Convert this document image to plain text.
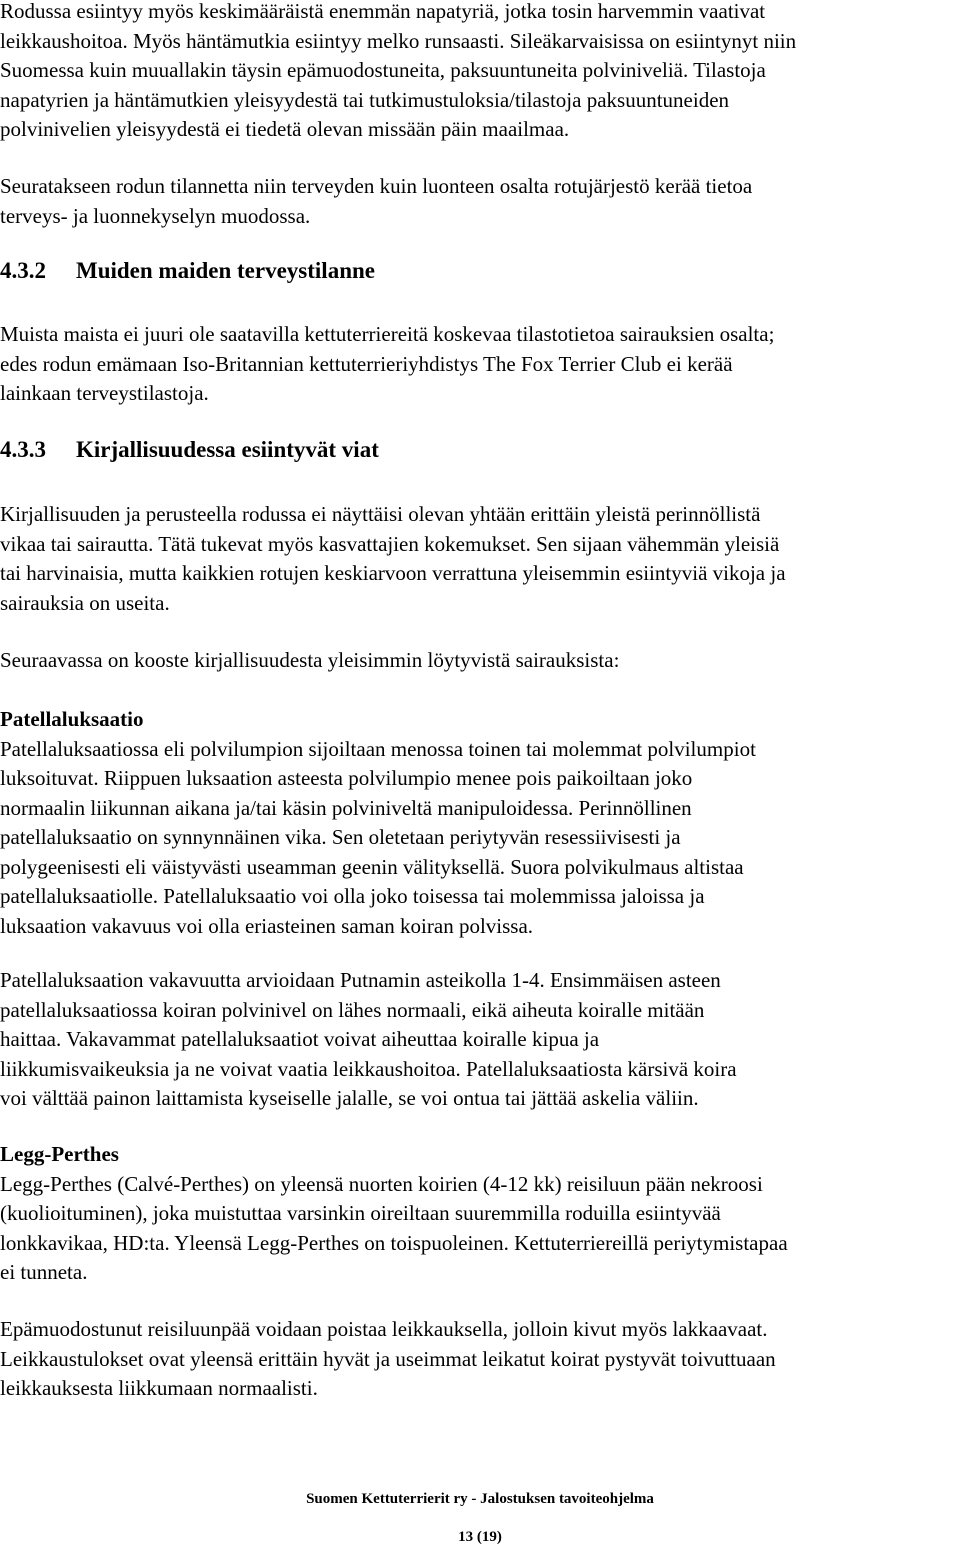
Rodussa esiintyy myös keskimääräistä enemmän napatyriä, jotka tosin harvemmin vaativat
leikkaushoitoa. Myös häntämutkia esiintyy melko runsaasti. Sileäkarvaisissa on esiintynyt niin
Suomessa kuin muuallakin täysin epämuodostuneita, paksuuntuneita polviniveliä. Tilastoja
napatyrien ja häntämutkien yleisyydestä tai tutkimustuloksia/tilastoja paksuuntuneiden
polvinivelien yleisyydestä ei tiedetä olevan missään päin maailmaa.

Seuratakseen rodun tilannetta niin terveyden kuin luonteen osalta rotujärjestö kerää tietoa
terveys- ja luonnekyselyn muodossa.

4.3.2 Muiden maiden terveystilanne

Muista maista ei juuri ole saatavilla kettuterriereitä koskevaa tilastotietoa sairauksien osalta;
edes rodun emämaan Iso-Britannian kettuterrieriyhdistys The Fox Terrier Club ei kerää
lainkaan terveystilastoja.

4.3.3 Kirjallisuudessa esiintyvät viat

Kirjallisuuden ja perusteella rodussa ei näyttäisi olevan yhtään erittäin yleistä perinnöllistä
vikaa tai sairautta. Tätä tukevat myös kasvattajien kokemukset. Sen sijaan vähemmän yleisiä
tai harvinaisia, mutta kaikkien rotujen keskiarvoon verrattuna yleisemmin esiintyviä vikoja ja
sairauksia on useita.

Seuraavassa on kooste kirjallisuudesta yleisimmin löytyvistä sairauksista:

Patellaluksaatio
Patellaluksaatiossa eli polvilumpion sijoiltaan menossa toinen tai molemmat polvilumpiot
luksoituvat. Riippuen luksaation asteesta polvilumpio menee pois paikoiltaan joko
normaalin liikunnan aikana ja/tai käsin polviniveltä manipuloidessa. Perinnöllinen
patellaluksaatio on synnynnäinen vika. Sen oletetaan periytyvän resessiivisesti ja
polygeenisesti eli väistyvästi useamman geenin välityksellä. Suora polvikulmaus altistaa
patellaluksaatiolle. Patellaluksaatio voi olla joko toisessa tai molemmissa jaloissa ja
luksaation vakavuus voi olla eriasteinen saman koiran polvissa.

Patellaluksaation vakavuutta arvioidaan Putnamin asteikolla 1-4. Ensimmäisen asteen
patellaluksaatiossa koiran polvinivel on lähes normaali, eikä aiheuta koiralle mitään
haittaa. Vakavammat patellaluksaatiot voivat aiheuttaa koiralle kipua ja
liikkumisvaikeuksia ja ne voivat vaatia leikkaushoitoa. Patellaluksaatiosta kärsivä koira
voi välttää painon laittamista kyseiselle jalalle, se voi ontua tai jättää askelia väliin.

Legg-Perthes
Legg-Perthes (Calvé-Perthes) on yleensä nuorten koirien (4-12 kk) reisiluun pään nekroosi
(kuolioituminen), joka muistuttaa varsinkin oireiltaan suuremmilla roduilla esiintyvää
lonkkavikaa, HD:ta. Yleensä Legg-Perthes on toispuoleinen. Kettuterriereillä periytymistapaa
ei tunneta.

Epämuodostunut reisiluunpää voidaan poistaa leikkauksella, jolloin kivut myös lakkaavaat.
Leikkaustulokset ovat yleensä erittäin hyvät ja useimmat leikatut koirat pystyvät toivuttuaan
leikkauksesta liikkumaan normaalisti.

Suomen Kettuterrierit ry - Jalostuksen tavoiteohjelma

13 (19)
